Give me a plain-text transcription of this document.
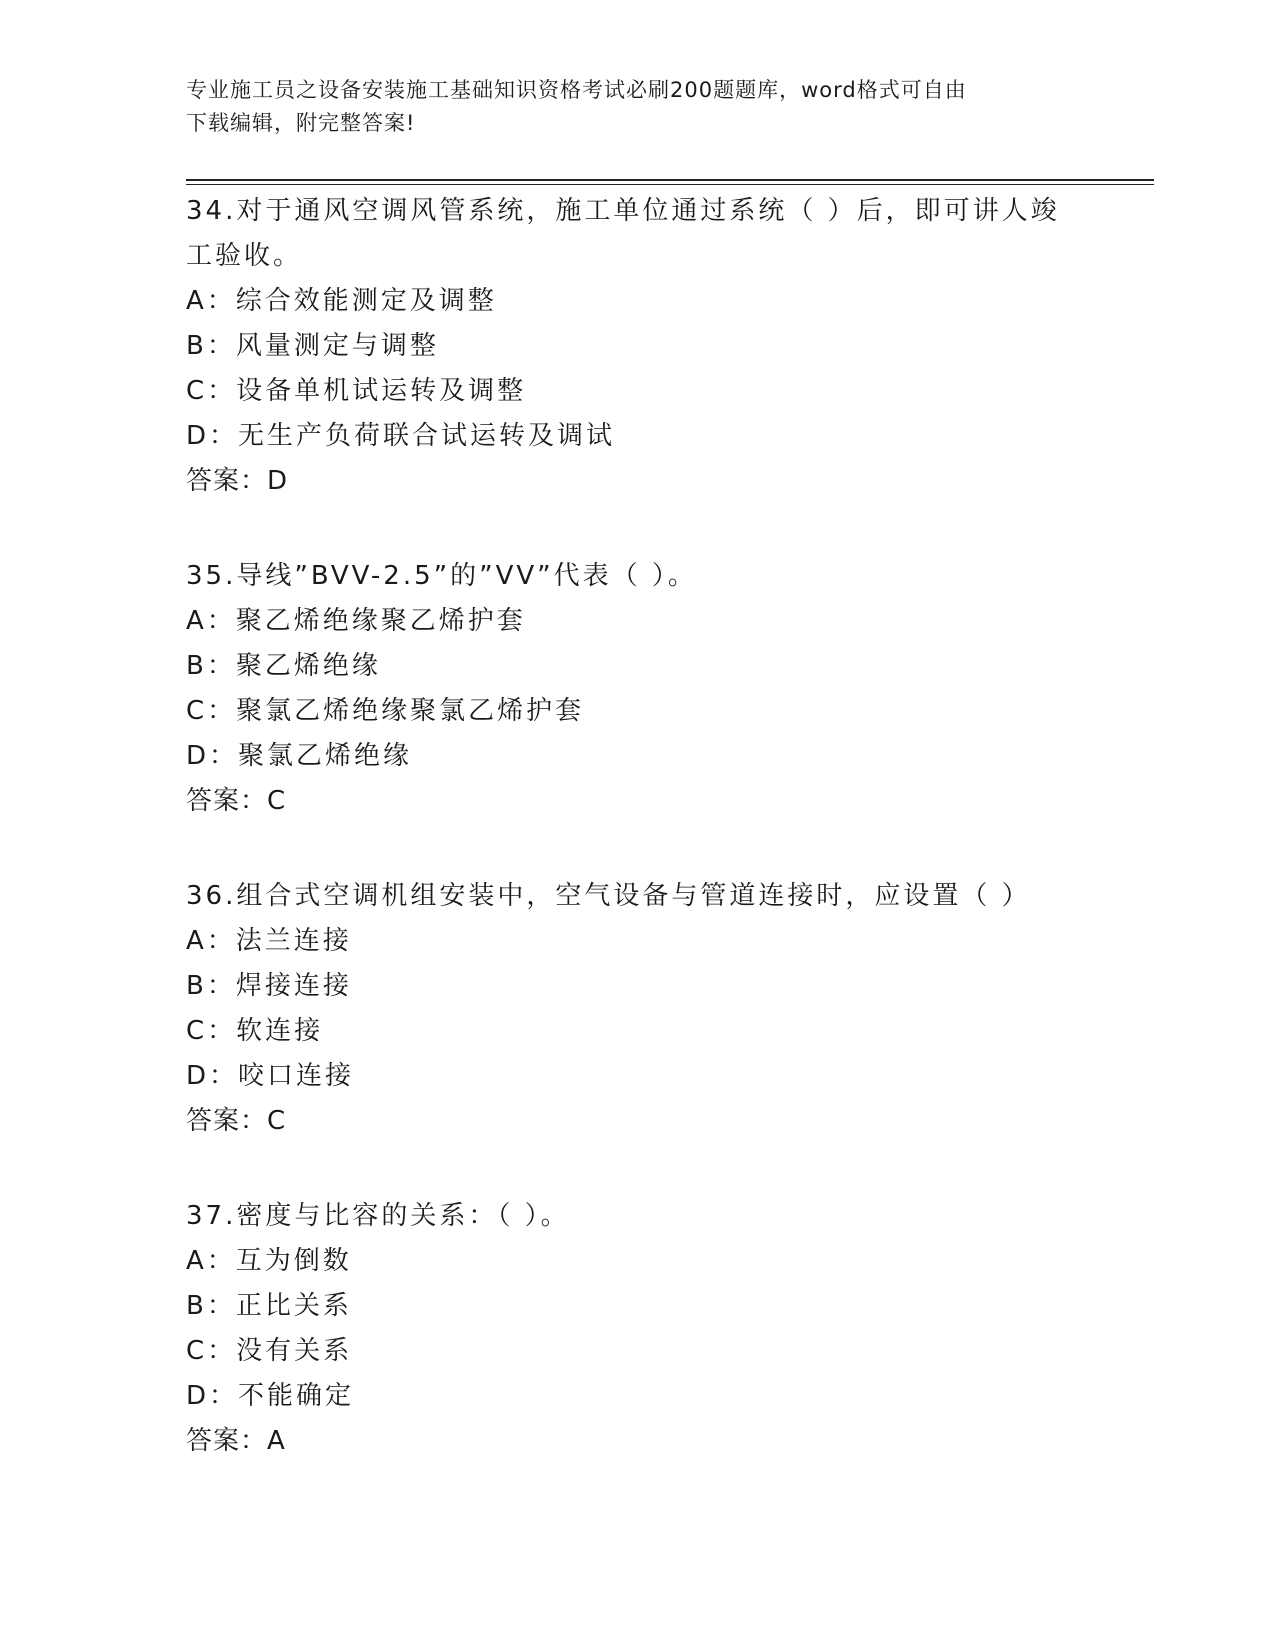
专业施工员之设备安装施工基础知识资格考试必刷200题题库，word格式可自由
下载编辑，附完整答案!
34.对于通风空调风管系统，施工单位通过系统（ ）后，即可讲人竣
工验收。
A：综合效能测定及调整
B：风量测定与调整
C：设备单机试运转及调整
D：无生产负荷联合试运转及调试
答案：D
35.导线”BVV-2.5”的”VV”代表（ ）。
A：聚乙烯绝缘聚乙烯护套
B：聚乙烯绝缘
C：聚氯乙烯绝缘聚氯乙烯护套
D：聚氯乙烯绝缘
答案：C
36.组合式空调机组安装中，空气设备与管道连接时，应设置（ ）
A：法兰连接
B：焊接连接
C：软连接
D：咬口连接
答案：C
37.密度与比容的关系：（ ）。
A：互为倒数
B：正比关系
C：没有关系
D：不能确定
答案：A
